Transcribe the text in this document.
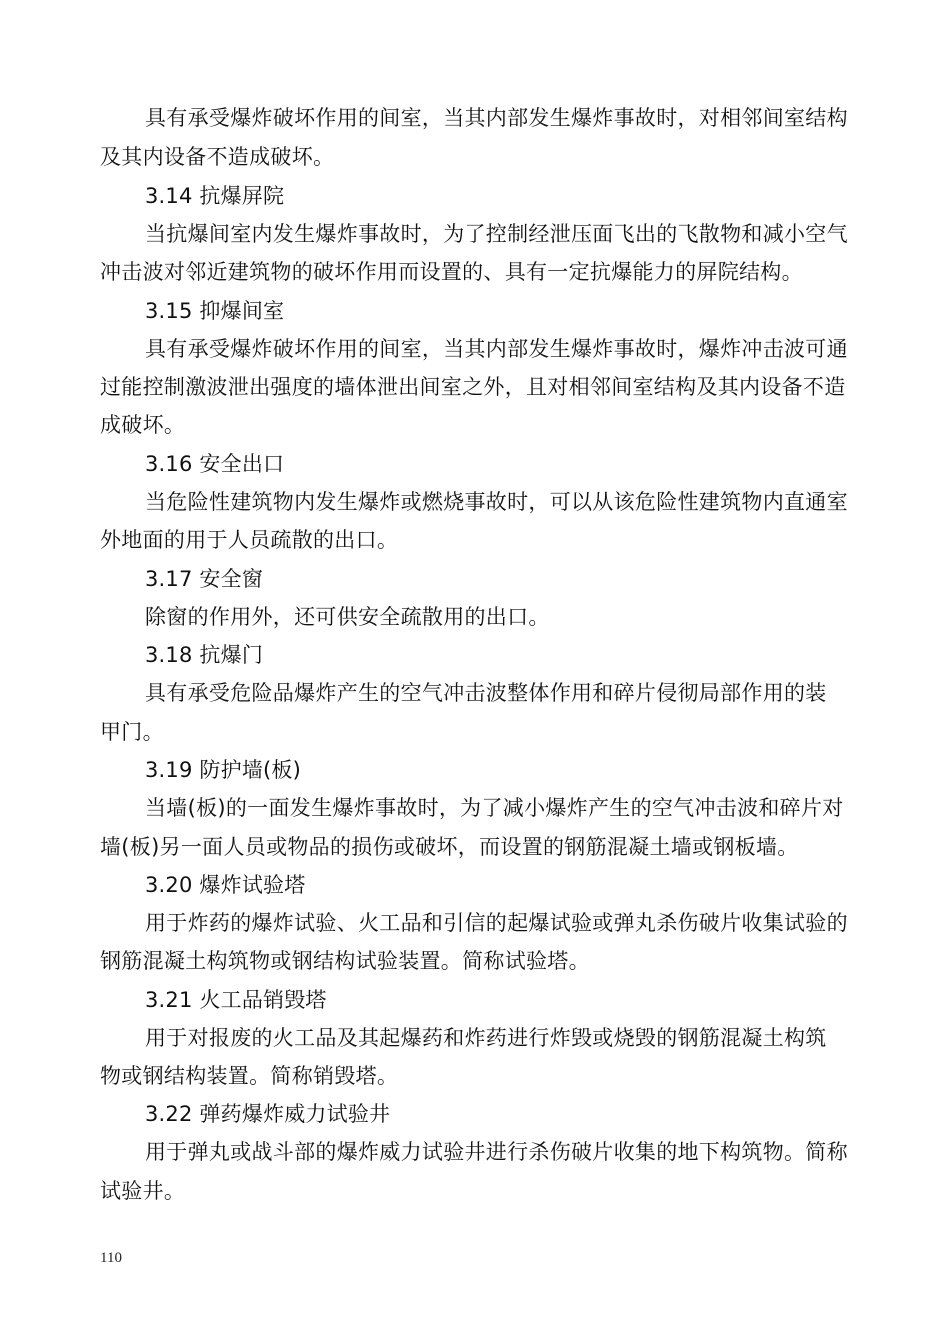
具有承受爆炸破坏作用的间室，当其内部发生爆炸事故时，对相邻间室结构
及其内设备不造成破坏。
3.14 抗爆屏院
当抗爆间室内发生爆炸事故时，为了控制经泄压面飞出的飞散物和减小空气
冲击波对邻近建筑物的破坏作用而设置的、具有一定抗爆能力的屏院结构。
3.15 抑爆间室
具有承受爆炸破坏作用的间室，当其内部发生爆炸事故时，爆炸冲击波可通
过能控制激波泄出强度的墙体泄出间室之外，且对相邻间室结构及其内设备不造
成破坏。
3.16 安全出口
当危险性建筑物内发生爆炸或燃烧事故时，可以从该危险性建筑物内直通室
外地面的用于人员疏散的出口。
3.17 安全窗
除窗的作用外，还可供安全疏散用的出口。
3.18 抗爆门
具有承受危险品爆炸产生的空气冲击波整体作用和碎片侵彻局部作用的装
甲门。
3.19 防护墙(板)
当墙(板)的一面发生爆炸事故时，为了减小爆炸产生的空气冲击波和碎片对
墙(板)另一面人员或物品的损伤或破坏，而设置的钢筋混凝土墙或钢板墙。
3.20 爆炸试验塔
用于炸药的爆炸试验、火工品和引信的起爆试验或弹丸杀伤破片收集试验的
钢筋混凝土构筑物或钢结构试验装置。简称试验塔。
3.21 火工品销毁塔
用于对报废的火工品及其起爆药和炸药进行炸毁或烧毁的钢筋混凝土构筑
物或钢结构装置。简称销毁塔。
3.22 弹药爆炸威力试验井
用于弹丸或战斗部的爆炸威力试验井进行杀伤破片收集的地下构筑物。简称
试验井。
110
